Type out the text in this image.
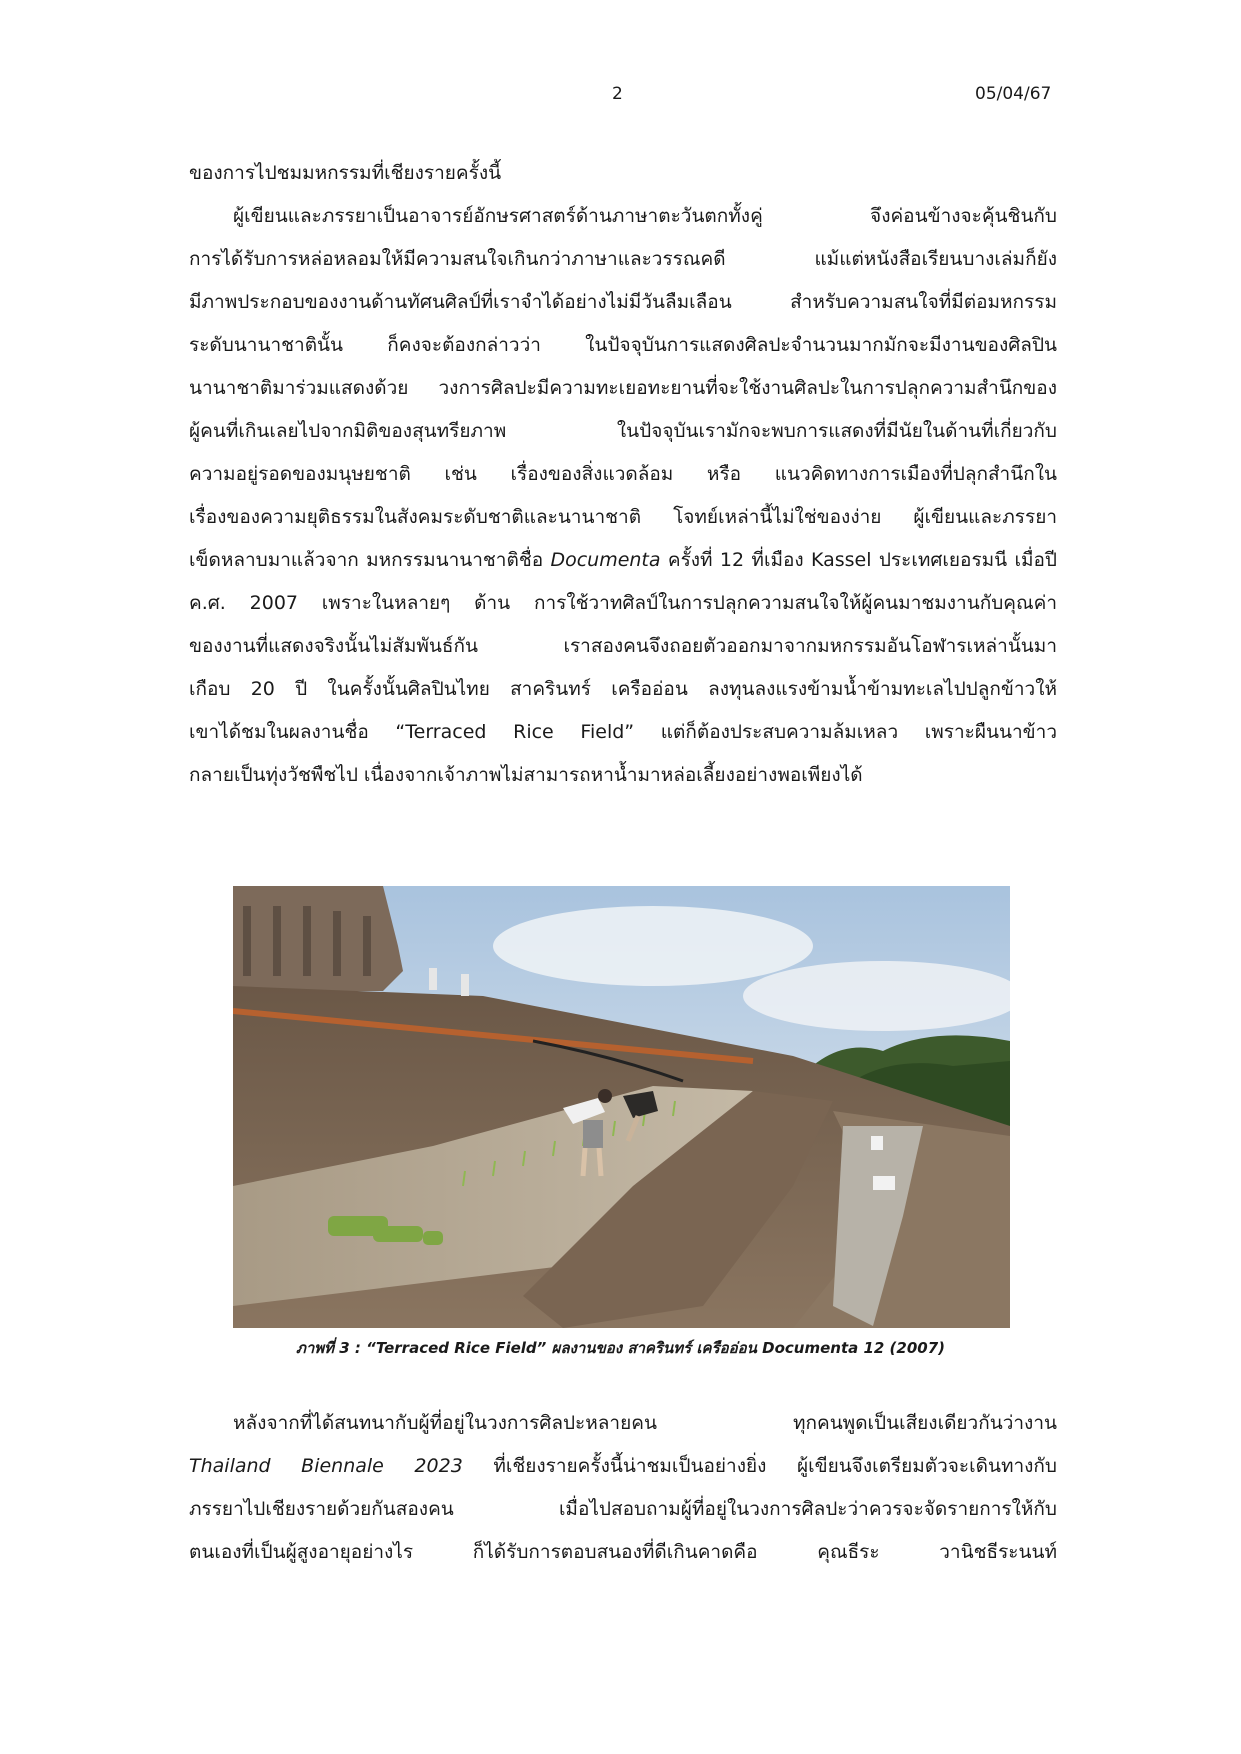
2	05/04/67
ของการไปชมมหกรรมที่เชียงรายครั้งนี้
ผู้เขียนและภรรยาเป็นอาจารย์อักษรศาสตร์ด้านภาษาตะวันตกทั้งคู่ จึงค่อนข้างจะคุ้นชินกับ
การได้รับการหล่อหลอมให้มีความสนใจเกินกว่าภาษาและวรรณคดี แม้แต่หนังสือเรียนบางเล่มก็ยัง
มีภาพประกอบของงานด้านทัศนศิลป์ที่เราจำได้อย่างไม่มีวันลืมเลือน สำหรับความสนใจที่มีต่อมหกรรม
ระดับนานาชาตินั้น ก็คงจะต้องกล่าวว่า ในปัจจุบันการแสดงศิลปะจำนวนมากมักจะมีงานของศิลปิน
นานาชาติมาร่วมแสดงด้วย วงการศิลปะมีความทะเยอทะยานที่จะใช้งานศิลปะในการปลุกความสำนึกของ
ผู้คนที่เกินเลยไปจากมิติของสุนทรียภาพ ในปัจจุบันเรามักจะพบการแสดงที่มีนัยในด้านที่เกี่ยวกับ
ความอยู่รอดของมนุษยชาติ เช่น เรื่องของสิ่งแวดล้อม หรือ แนวคิดทางการเมืองที่ปลุกสำนึกใน
เรื่องของความยุติธรรมในสังคมระดับชาติและนานาชาติ โจทย์เหล่านี้ไม่ใช่ของง่าย ผู้เขียนและภรรยา
เข็ดหลาบมาแล้วจาก มหกรรมนานาชาติชื่อ Documenta ครั้งที่ 12 ที่เมือง Kassel ประเทศเยอรมนี เมื่อปี
ค.ศ. 2007 เพราะในหลายๆ ด้าน การใช้วาทศิลป์ในการปลุกความสนใจให้ผู้คนมาชมงานกับคุณค่า
ของงานที่แสดงจริงนั้นไม่สัมพันธ์กัน เราสองคนจึงถอยตัวออกมาจากมหกรรมอันโอฬารเหล่านั้นมา
เกือบ 20 ปี ในครั้งนั้นศิลปินไทย สาครินทร์ เครืออ่อน ลงทุนลงแรงข้ามน้ำข้ามทะเลไปปลูกข้าวให้
เขาได้ชมในผลงานชื่อ “Terraced Rice Field” แต่ก็ต้องประสบความล้มเหลว เพราะผืนนาข้าว
กลายเป็นทุ่งวัชพืชไป เนื่องจากเจ้าภาพไม่สามารถหาน้ำมาหล่อเลี้ยงอย่างพอเพียงได้
ภาพที่ 3 : “Terraced Rice Field” ผลงานของ สาครินทร์ เครืออ่อน Documenta 12 (2007)
หลังจากที่ได้สนทนากับผู้ที่อยู่ในวงการศิลปะหลายคน ทุกคนพูดเป็นเสียงเดียวกันว่างาน
Thailand Biennale 2023 ที่เชียงรายครั้งนี้น่าชมเป็นอย่างยิ่ง ผู้เขียนจึงเตรียมตัวจะเดินทางกับ
ภรรยาไปเชียงรายด้วยกันสองคน เมื่อไปสอบถามผู้ที่อยู่ในวงการศิลปะว่าควรจะจัดรายการให้กับ
ตนเองที่เป็นผู้สูงอายุอย่างไร ก็ได้รับการตอบสนองที่ดีเกินคาดคือ คุณธีระ วานิชธีระนนท์
